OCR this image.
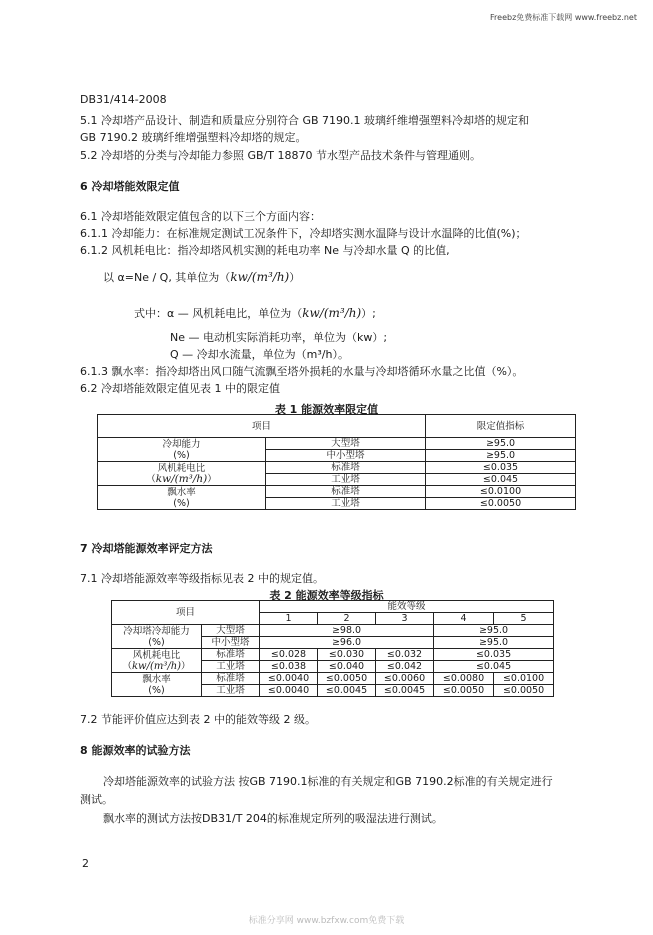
Freebz免费标准下载网 www.freebz.net
DB31/414-2008
5.1 冷却塔产品设计、制造和质量应分别符合 GB 7190.1 玻璃纤维增强塑料冷却塔的规定和
GB 7190.2 玻璃纤维增强塑料冷却塔的规定。
5.2 冷却塔的分类与冷却能力参照 GB/T 18870 节水型产品技术条件与管理通则。
6 冷却塔能效限定值
6.1 冷却塔能效限定值包含的以下三个方面内容：
6.1.1 冷却能力：在标准规定测试工况条件下，冷却塔实测水温降与设计水温降的比值(%)；
6.1.2 风机耗电比：指冷却塔风机实测的耗电功率 Ne 与冷却水量 Q 的比值,
以 α=Ne / Q, 其单位为（kw/(m³/h)）
式中：α — 风机耗电比，单位为（kw/(m³/h)）;
Ne — 电动机实际消耗功率，单位为（kw）;
Q — 冷却水流量，单位为（m³/h）。
6.1.3 飘水率：指冷却塔出风口随气流飘至塔外损耗的水量与冷却塔循环水量之比值（%）。
6.2 冷却塔能效限定值见表 1 中的限定值
表 1 能源效率限定值
项目		限定值指标

冷却能力
(%)	大型塔	≥95.0
	中小型塔	≥95.0

风机耗电比
（kw/(m³/h)）	标准塔	≤0.035
	工业塔	≤0.045

飘水率
(%)	标准塔	≤0.0100
	工业塔	≤0.0050
7 冷却塔能源效率评定方法
7.1 冷却塔能源效率等级指标见表 2 中的规定值。
表 2 能源效率等级指标
项目		能效等级				
		1	2	3	4	5

冷却塔冷却能力
(%)	大型塔	≥98.0			≥95.0	
	中小型塔	≥96.0			≥95.0	

风机耗电比
（kw/(m³/h)）	标准塔	≤0.028	≤0.030	≤0.032	≤0.035	
	工业塔	≤0.038	≤0.040	≤0.042	≤0.045	

飘水率
(%)	标准塔	≤0.0040	≤0.0050	≤0.0060	≤0.0080	≤0.0100
	工业塔	≤0.0040	≤0.0045	≤0.0045	≤0.0050	≤0.0050
7.2 节能评价值应达到表 2 中的能效等级 2 级。
8 能源效率的试验方法
冷却塔能源效率的试验方法 按GB 7190.1标准的有关规定和GB 7190.2标准的有关规定进行
测试。
飘水率的测试方法按DB31/T 204的标准规定所列的吸湿法进行测试。
2
标准分享网 www.bzfxw.com免费下载
